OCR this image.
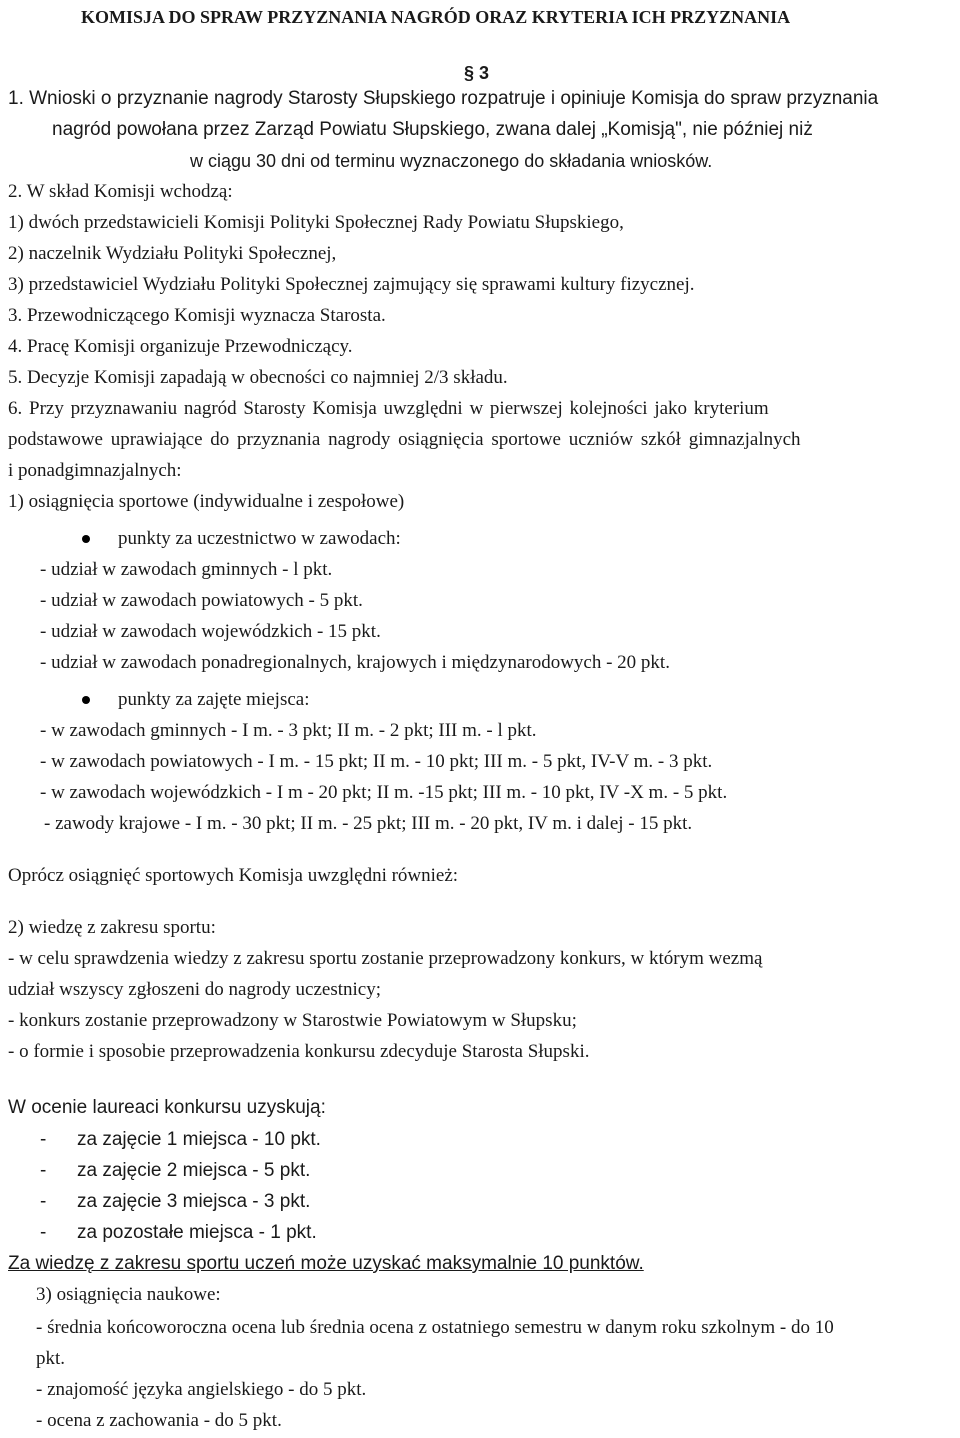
KOMISJA DO SPRAW PRZYZNANIA NAGRÓD ORAZ KRYTERIA ICH PRZYZNANIA
§ 3
1. Wnioski o przyznanie nagrody Starosty Słupskiego rozpatruje i opiniuje Komisja do spraw przyznania
nagród powołana przez Zarząd Powiatu Słupskiego, zwana dalej „Komisją", nie później niż
w ciągu 30 dni od terminu wyznaczonego do składania wniosków.
2. W skład Komisji wchodzą:
1) dwóch przedstawicieli Komisji Polityki Społecznej Rady Powiatu Słupskiego,
2) naczelnik Wydziału Polityki Społecznej,
3) przedstawiciel Wydziału Polityki Społecznej zajmujący się sprawami kultury fizycznej.
3. Przewodniczącego Komisji wyznacza Starosta.
4. Pracę Komisji organizuje Przewodniczący.
5. Decyzje Komisji zapadają w obecności co najmniej 2/3 składu.
6. Przy przyznawaniu nagród Starosty Komisja uwzględni w pierwszej kolejności jako kryterium
podstawowe uprawiające do przyznania nagrody osiągnięcia sportowe uczniów szkół gimnazjalnych
i ponadgimnazjalnych:
1) osiągnięcia sportowe (indywidualne i zespołowe)
punkty za uczestnictwo w zawodach:
- udział w zawodach gminnych - l pkt.
- udział w zawodach powiatowych - 5 pkt.
- udział w zawodach wojewódzkich - 15 pkt.
- udział w zawodach ponadregionalnych, krajowych i międzynarodowych - 20 pkt.
punkty za zajęte miejsca:
- w zawodach gminnych - I m. - 3 pkt; II m. - 2 pkt; III m. - l pkt.
- w zawodach powiatowych - I m. - 15 pkt; II m. - 10 pkt; III m. - 5 pkt, IV-V m. - 3 pkt.
- w zawodach wojewódzkich - I m - 20 pkt; II m. -15 pkt; III m. - 10 pkt, IV -X m. - 5 pkt.
- zawody krajowe - I m. - 30 pkt; II m. - 25 pkt; III m. - 20 pkt, IV m. i dalej - 15 pkt.
Oprócz osiągnięć sportowych Komisja uwzględni również:
2) wiedzę z zakresu sportu:
- w celu sprawdzenia wiedzy z zakresu sportu zostanie przeprowadzony konkurs, w którym wezmą
udział wszyscy zgłoszeni do nagrody uczestnicy;
- konkurs zostanie przeprowadzony w Starostwie Powiatowym w Słupsku;
- o formie i sposobie przeprowadzenia konkursu zdecyduje Starosta Słupski.
W ocenie laureaci konkursu uzyskują:
- za zajęcie 1 miejsca - 10 pkt.
- za zajęcie 2 miejsca - 5 pkt.
- za zajęcie 3 miejsca - 3 pkt.
- za pozostałe miejsca - 1 pkt.
Za wiedzę z zakresu sportu uczeń może uzyskać maksymalnie 10 punktów.
3) osiągnięcia naukowe:
- średnia końcoworoczna ocena lub średnia ocena z ostatniego semestru w danym roku szkolnym - do 10
pkt.
- znajomość języka angielskiego - do 5 pkt.
- ocena z zachowania - do 5 pkt.
